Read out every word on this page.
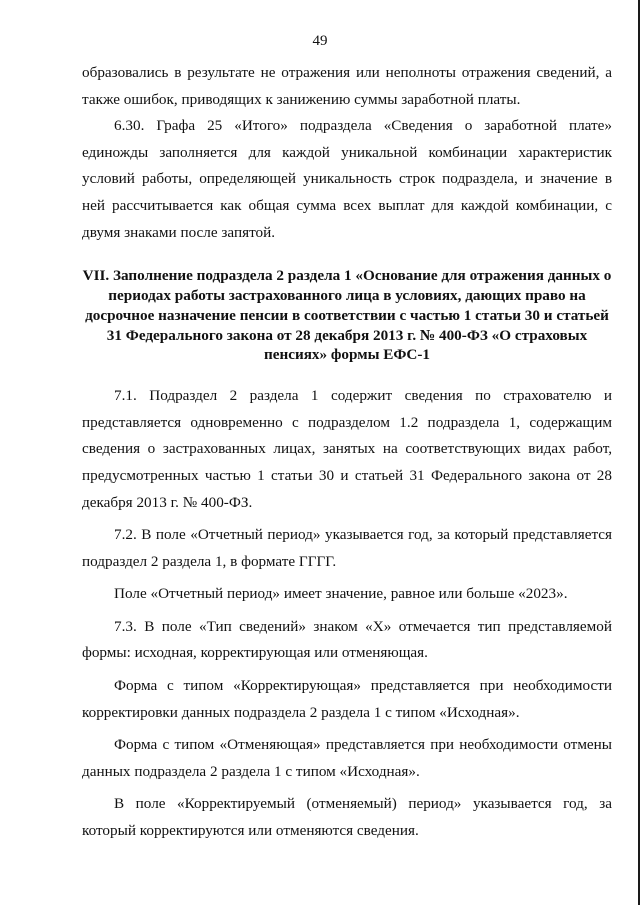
49

образовались в результате не отражения или неполноты отражения сведений, а также ошибок, приводящих к занижению суммы заработной платы.

6.30. Графа 25 «Итого» подраздела «Сведения о заработной плате» единожды заполняется для каждой уникальной комбинации характеристик условий работы, определяющей уникальность строк подраздела, и значение в ней рассчитывается как общая сумма всех выплат для каждой комбинации, с двумя знаками после запятой.

VII. Заполнение подраздела 2 раздела 1 «Основание для отражения данных о периодах работы застрахованного лица в условиях, дающих право на досрочное назначение пенсии в соответствии с частью 1 статьи 30 и статьей 31 Федерального закона от 28 декабря 2013 г. № 400-ФЗ «О страховых пенсиях» формы ЕФС-1

7.1. Подраздел 2 раздела 1 содержит сведения по страхователю и представляется одновременно с подразделом 1.2 подраздела 1, содержащим сведения о застрахованных лицах, занятых на соответствующих видах работ, предусмотренных частью 1 статьи 30 и статьей 31 Федерального закона от 28 декабря 2013 г. № 400-ФЗ.

7.2. В поле «Отчетный период» указывается год, за который представляется подраздел 2 раздела 1, в формате ГГГГ.

Поле «Отчетный период» имеет значение, равное или больше «2023».

7.3. В поле «Тип сведений» знаком «Х» отмечается тип представляемой формы: исходная, корректирующая или отменяющая.

Форма с типом «Корректирующая» представляется при необходимости корректировки данных подраздела 2 раздела 1 с типом «Исходная».

Форма с типом «Отменяющая» представляется при необходимости отмены данных подраздела 2 раздела 1 с типом «Исходная».

В поле «Корректируемый (отменяемый) период» указывается год, за который корректируются или отменяются сведения.
